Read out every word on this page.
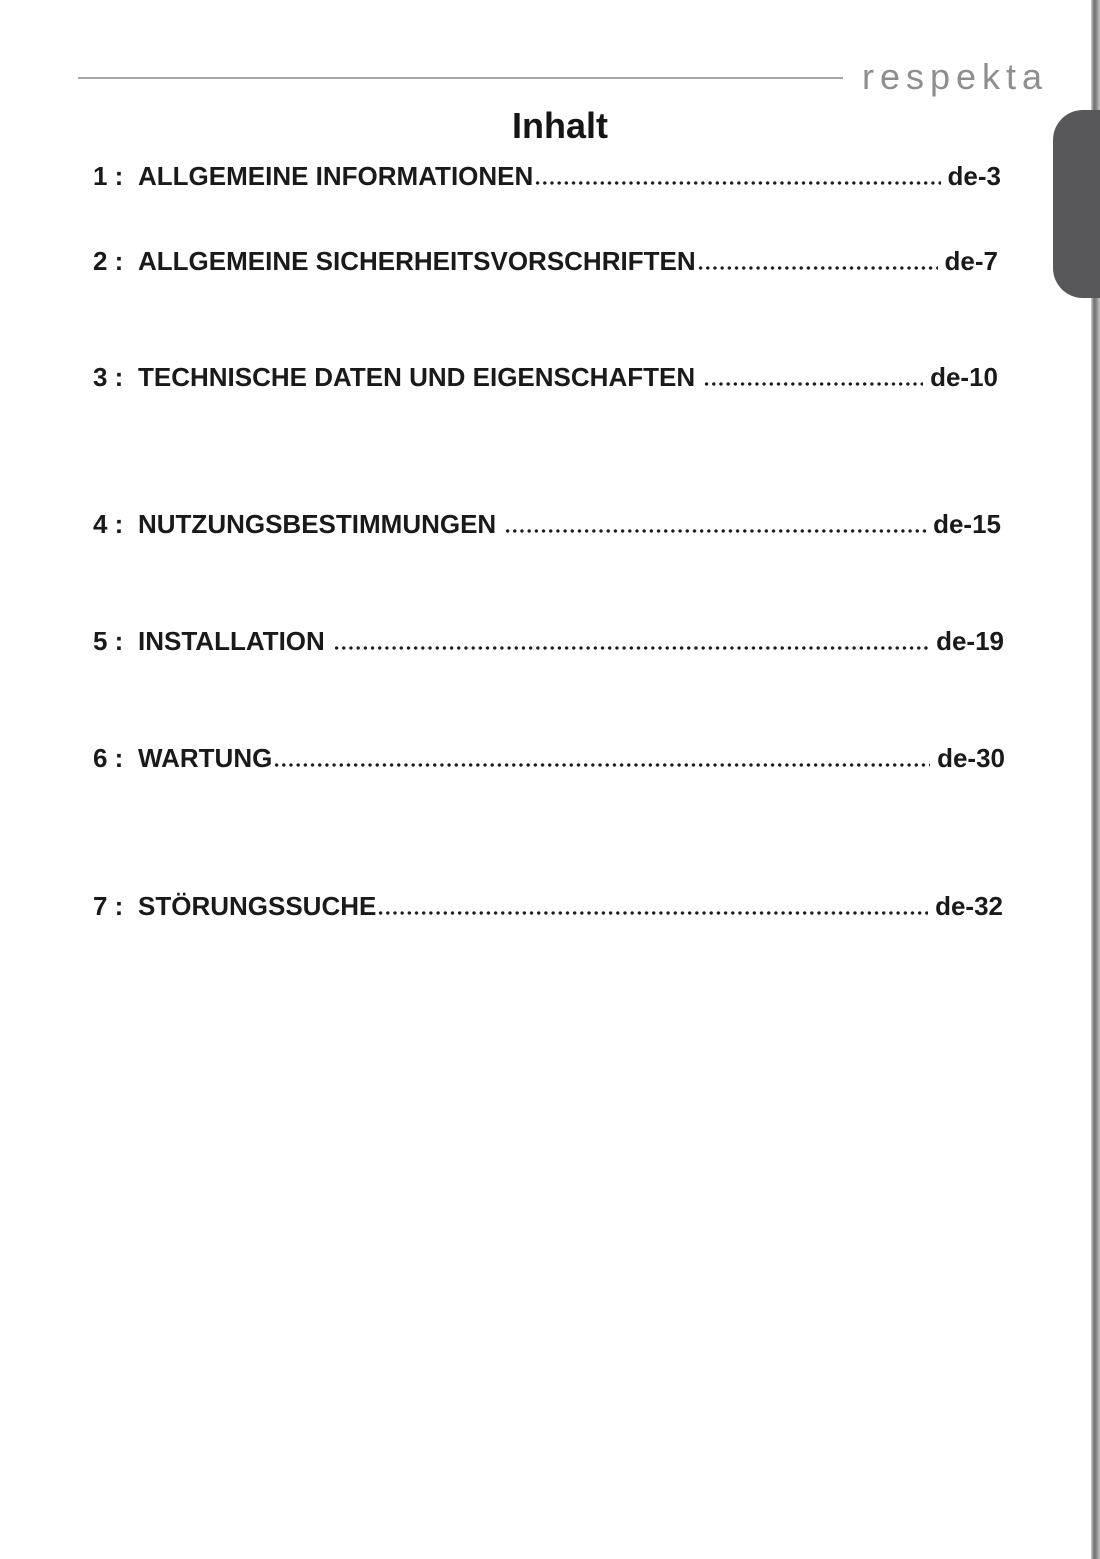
respekta
Inhalt
1 : ALLGEMEINE INFORMATIONEN	de-3
2 : ALLGEMEINE SICHERHEITSVORSCHRIFTEN	de-7
3 : TECHNISCHE DATEN UND EIGENSCHAFTEN	de-10
4 : NUTZUNGSBESTIMMUNGEN	de-15
5 : INSTALLATION	de-19
6 : WARTUNG	de-30
7 : STÖRUNGSSUCHE	de-32
